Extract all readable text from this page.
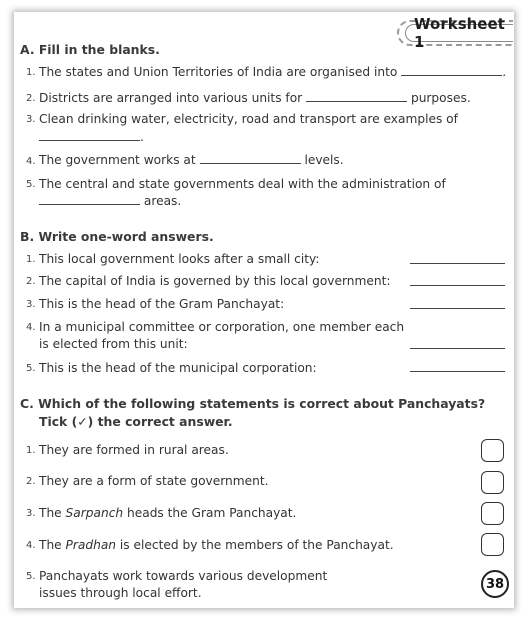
Worksheet 1

A. Fill in the blanks.

1. The states and Union Territories of India are organised into	.

2. Districts are arranged into various units for	purposes.

3. Clean drinking water, electricity, road and transport are examples of

.

4. The government works at	levels.

5. The central and state governments deal with the administration of

areas.

B. Write one-word answers.

1. This local government looks after a small city:

2. The capital of India is governed by this local government:

3. This is the head of the Gram Panchayat:

4. In a municipal committee or corporation, one member each

is elected from this unit:

5. This is the head of the municipal corporation:

C. Which of the following statements is correct about Panchayats?

Tick (✓) the correct answer.

1. They are formed in rural areas.

2. They are a form of state government.

3. The Sarpanch heads the Gram Panchayat.

4. The Pradhan is elected by the members of the Panchayat.

5. Panchayats work towards various development

issues through local effort.

38
